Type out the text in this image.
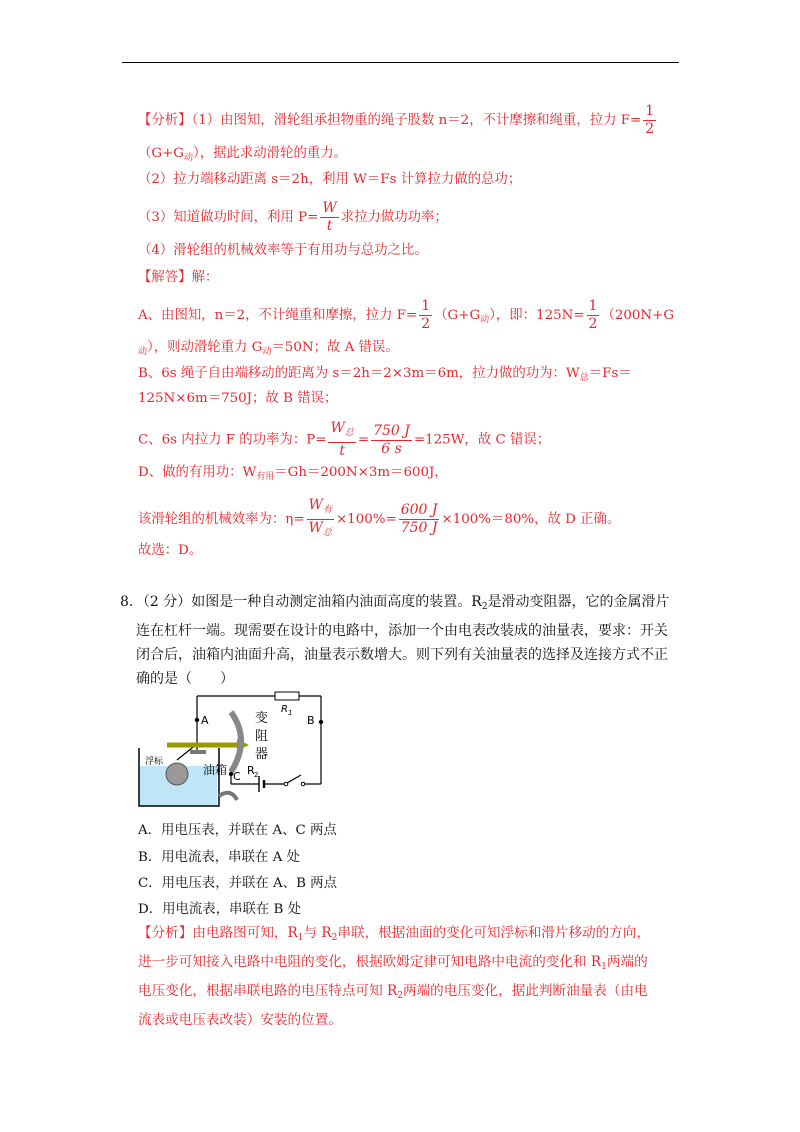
【分析】（1）由图知，滑轮组承担物重的绳子股数 n＝2，不计摩擦和绳重，拉力 $F= \frac{1}{2}$
$(G+G_动)$，据此求动滑轮的重力。
（2）拉力端移动距离 s＝2h，利用 W＝Fs 计算拉力做的总功；
（3）知道做功时间，利用 $P= \frac{W}{t}$ 求拉力做功功率；
（4）滑轮组的机械效率等于有用功与总功之比。
【解答】解：
A、由图知，n＝2，不计绳重和摩擦，拉力 $F= \frac{1}{2} (G+G_动)$，即：$125N= \frac{1}{2} (200N+G$
$_动$），则动滑轮重力 $G_动=50N$；故 A 错误。
B、6s 绳子自由端移动的距离为 s＝2h＝2×3m＝6m，拉力做的功为：$W_总=Fs=$
125N×6m＝750J；故 B 错误；
C、6s 内拉力 F 的功率为：$P= \frac{W_总}{t} = \frac{750 J}{6 s} =125W$，故 C 错误；
D、做的有用功：$W_{有用}=Gh=200N\times 3m=600J$，
该滑轮组的机械效率为：$\eta= \frac{W_有}{W_总} \times 100\%= \frac{600 J}{750 J} \times 100\%=80\%$，故 D 正确。
故选：D。
8．（2 分）如图是一种自动测定油箱内油面高度的装置。$R_2$是滑动变阻器，它的金属滑片
连在杠杆一端。现需要在设计的电路中，添加一个由电表改装成的油量表，要求：开关
闭合后，油箱内油面升高，油量表示数增大。则下列有关油量表的选择及连接方式不正
确的是（　　）
A	B
C
R 1
R 2
变
阻
器
浮标
油箱
A．用电压表，并联在 A、C 两点
B．用电流表，串联在 A 处
C．用电压表，并联在 A、B 两点
D．用电流表，串联在 B 处
【分析】由电路图可知，$R_1$与 $R_2$串联，根据油面的变化可知浮标和滑片移动的方向，
进一步可知接入电路中电阻的变化，根据欧姆定律可知电路中电流的变化和 $R_1$两端的
电压变化，根据串联电路的电压特点可知 $R_2$两端的电压变化，据此判断油量表（由电
流表或电压表改装）安装的位置。
